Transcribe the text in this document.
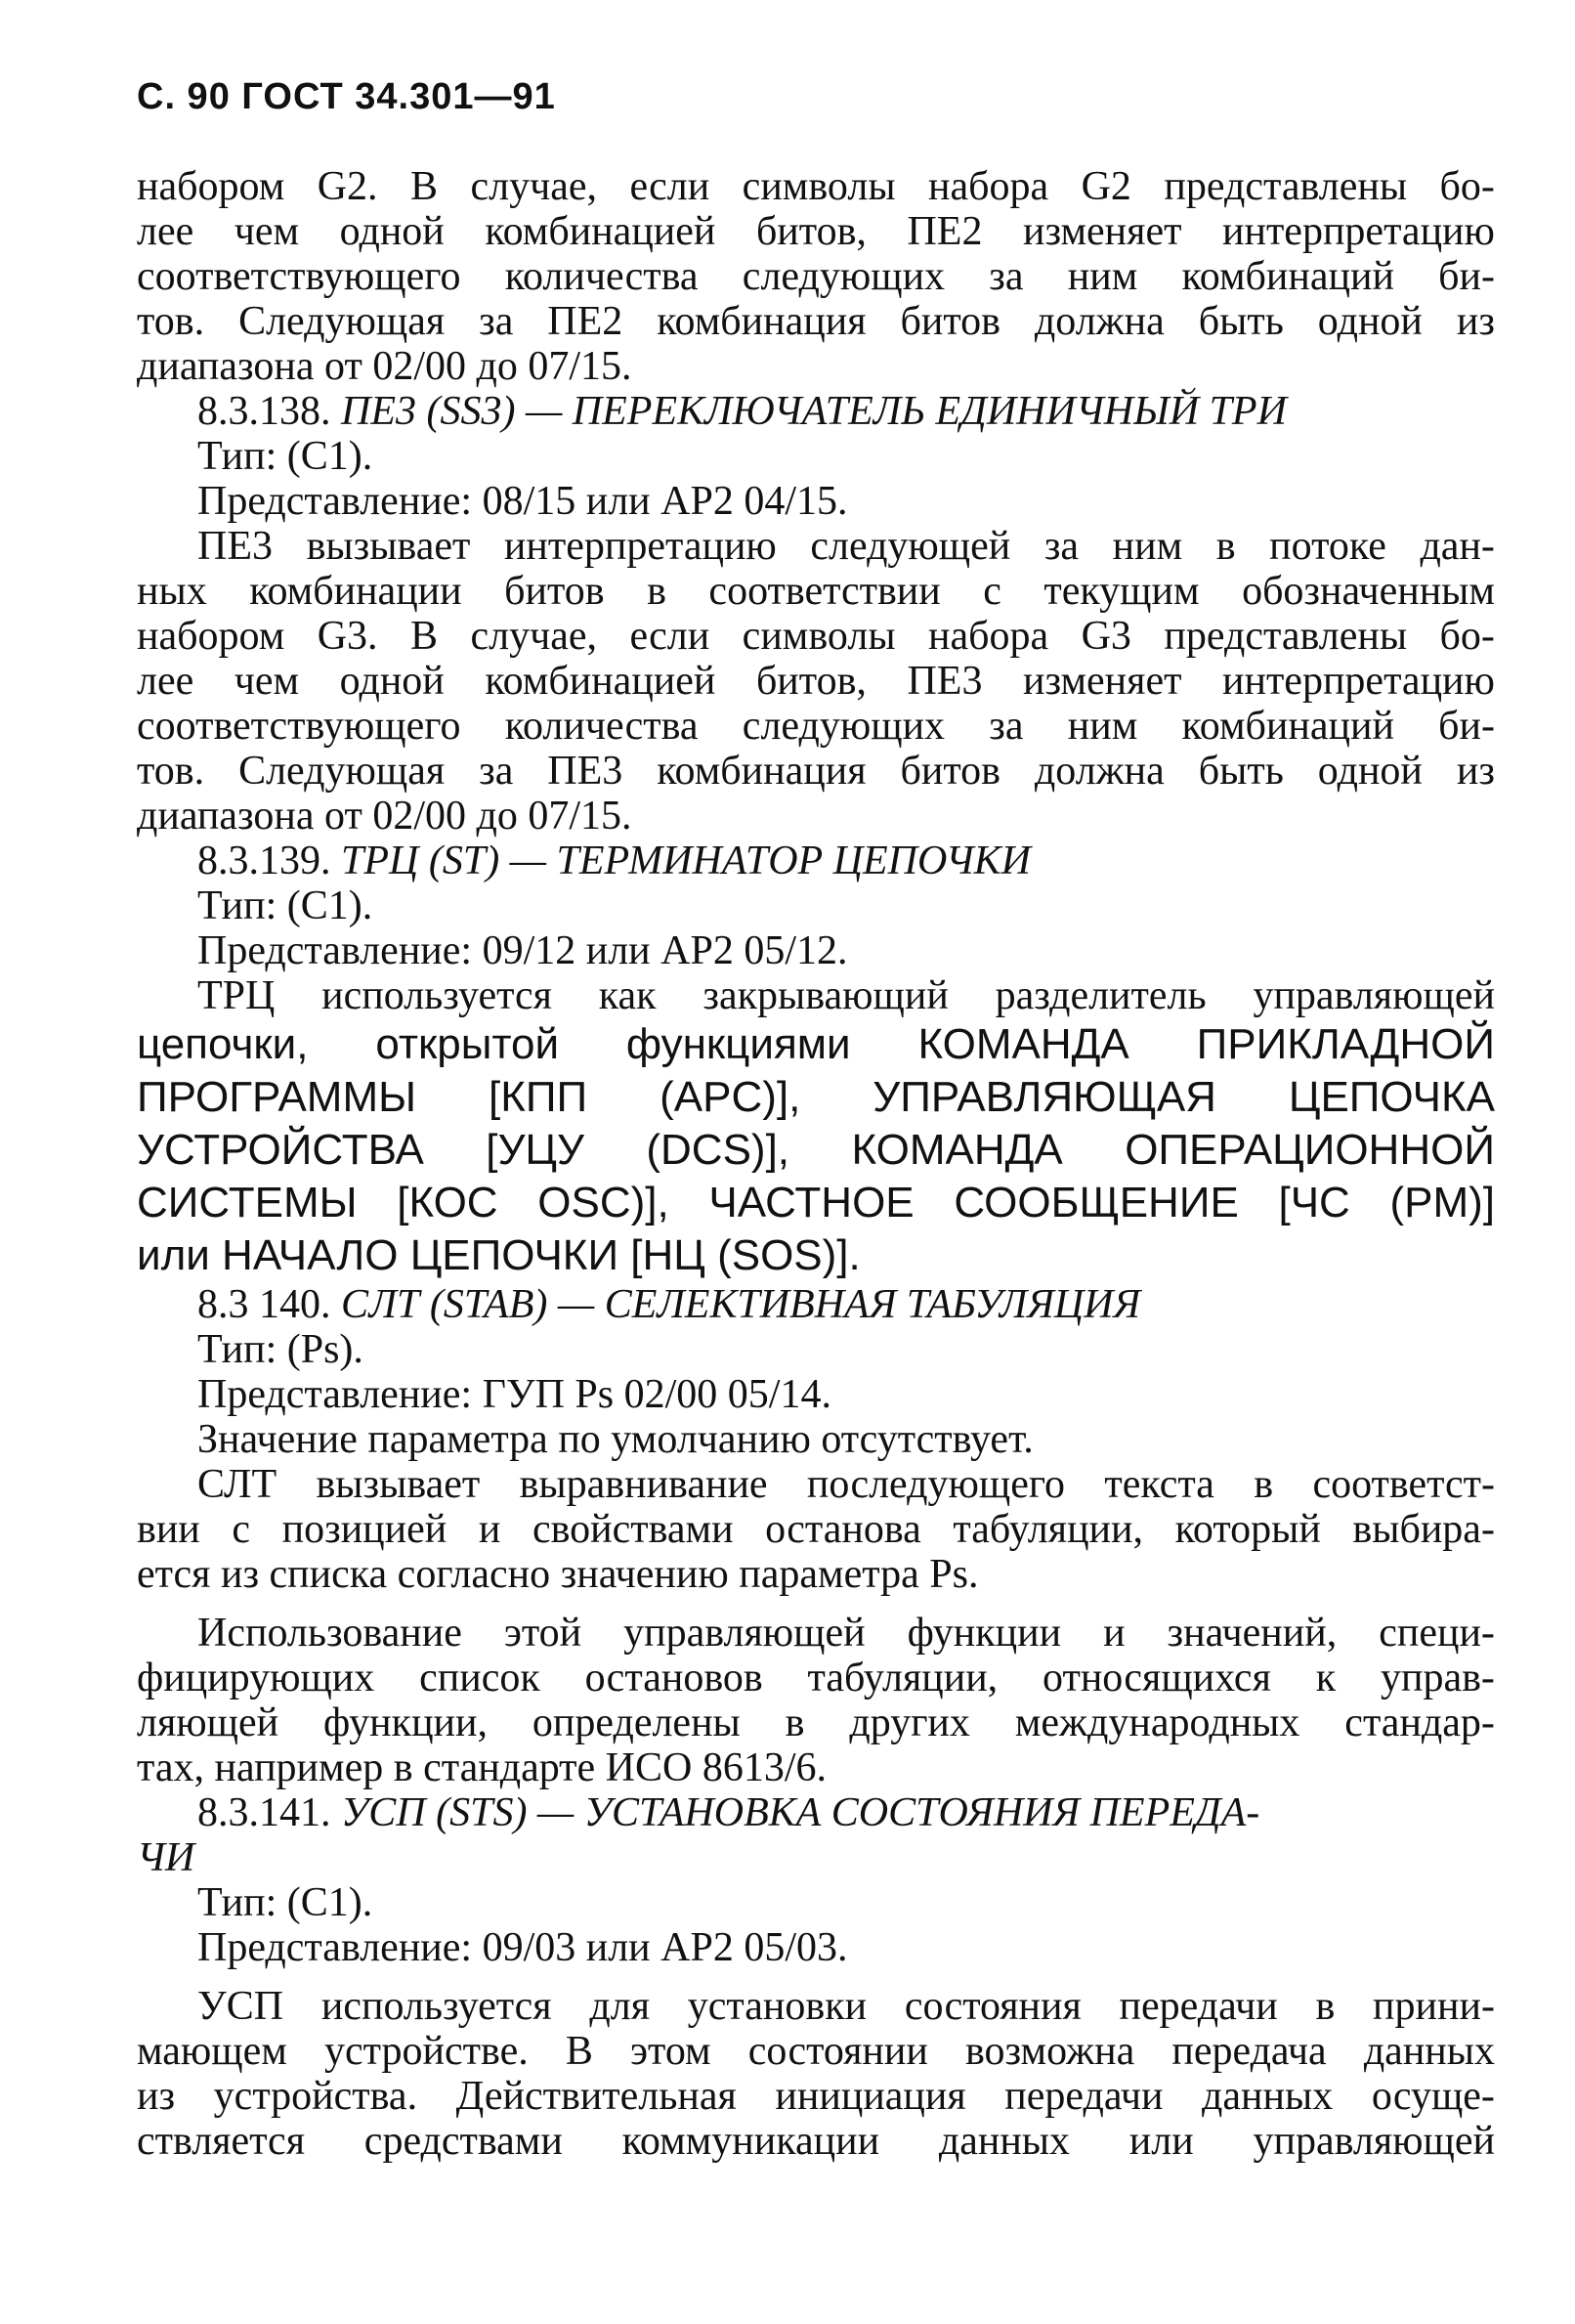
С. 90 ГОСТ 34.301—91
набором G2. В случае, если символы набора G2 представлены бо-
лее чем одной комбинацией битов, ПЕ2 изменяет интерпретацию
соответствующего количества следующих за ним комбинаций би-
тов. Следующая за ПЕ2 комбинация битов должна быть одной из
диапазона от 02/00 до 07/15.
8.3.138.
ПЕ3 (SS3) — ПЕРЕКЛЮЧАТЕЛЬ ЕДИНИЧНЫЙ ТРИ
Тип: (C1).
Представление: 08/15 или АР2 04/15.
ПЕ3 вызывает интерпретацию следующей за ним в потоке дан-
ных комбинации битов в соответствии с текущим обозначенным
набором G3. В случае, если символы набора G3 представлены бо-
лее чем одной комбинацией битов, ПЕ3 изменяет интерпретацию
соответствующего количества следующих за ним комбинаций би-
тов. Следующая за ПЕ3 комбинация битов должна быть одной из
диапазона от 02/00 до 07/15.
8.3.139.
ТРЦ (ST) — ТЕРМИНАТОР ЦЕПОЧКИ
Тип: (C1).
Представление: 09/12 или АР2 05/12.
ТРЦ используется как закрывающий разделитель управляющей
цепочки, открытой функциями КОМАНДА ПРИКЛАДНОЙ
ПРОГРАММЫ [КПП (APC)], УПРАВЛЯЮЩАЯ ЦЕПОЧКА
УСТРОЙСТВА [УЦУ (DCS)], КОМАНДА ОПЕРАЦИОННОЙ
СИСТЕМЫ [КОС OSC)], ЧАСТНОЕ СООБЩЕНИЕ [ЧС (PM)]
или НАЧАЛО ЦЕПОЧКИ [НЦ (SOS)].
8.3 140.
СЛТ (STAB) — СЕЛЕКТИВНАЯ ТАБУЛЯЦИЯ
Тип: (Ps).
Представление: ГУП Ps 02/00 05/14.
Значение параметра по умолчанию отсутствует.
СЛТ вызывает выравнивание последующего текста в соответст-
вии с позицией и свойствами останова табуляции, который выбира-
ется из списка согласно значению параметра Ps.
Использование этой управляющей функции и значений, специ-
фицирующих список остановов табуляции, относящихся к управ-
ляющей функции, определены в других международных стандар-
тах, например в стандарте ИСО 8613/6.
8.3.141.
УСП (STS) — УСТАНОВКА СОСТОЯНИЯ ПЕРЕДА-
ЧИ
Тип: (C1).
Представление: 09/03 или АР2 05/03.
УСП используется для установки состояния передачи в прини-
мающем устройстве. В этом состоянии возможна передача данных
из устройства. Действительная инициация передачи данных осуще-
ствляется средствами коммуникации данных или управляющей
